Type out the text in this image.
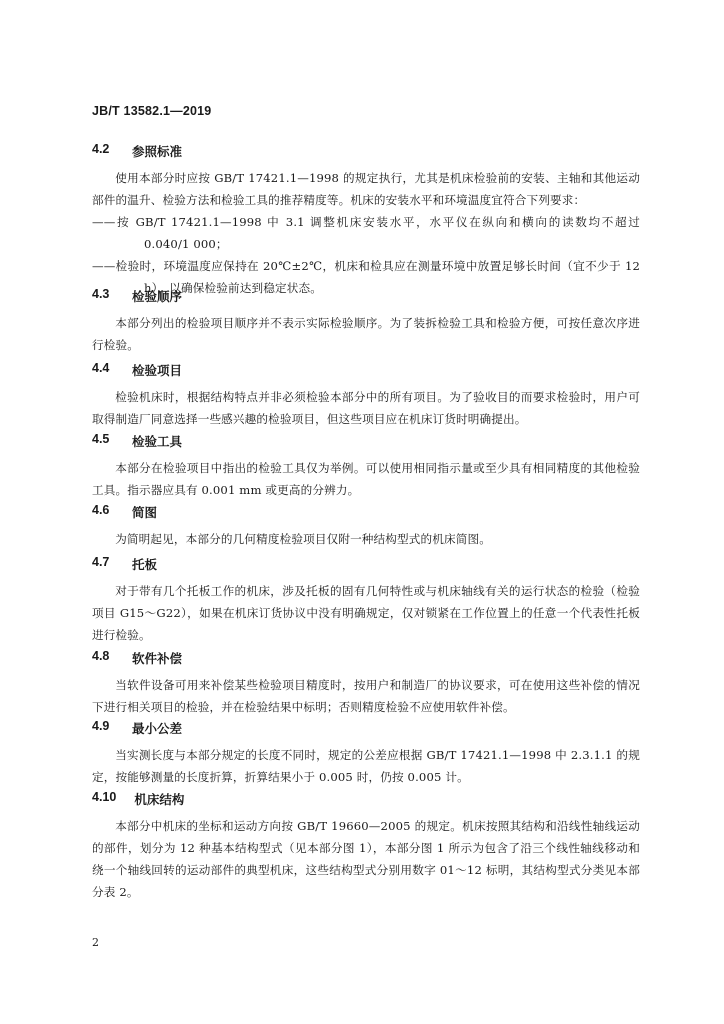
JB/T 13582.1—2019
4.2	参照标准
使用本部分时应按 GB/T 17421.1—1998 的规定执行，尤其是机床检验前的安装、主轴和其他运动部件的温升、检验方法和检验工具的推荐精度等。机床的安装水平和环境温度宜符合下列要求：
——按 GB/T 17421.1—1998 中 3.1 调整机床安装水平，水平仪在纵向和横向的读数均不超过 0.040/1 000；
——检验时，环境温度应保持在 20℃±2℃，机床和检具应在测量环境中放置足够长时间（宜不少于 12 h），以确保检验前达到稳定状态。
4.3	检验顺序
本部分列出的检验项目顺序并不表示实际检验顺序。为了装拆检验工具和检验方便，可按任意次序进行检验。
4.4	检验项目
检验机床时，根据结构特点并非必须检验本部分中的所有项目。为了验收目的而要求检验时，用户可取得制造厂同意选择一些感兴趣的检验项目，但这些项目应在机床订货时明确提出。
4.5	检验工具
本部分在检验项目中指出的检验工具仅为举例。可以使用相同指示量或至少具有相同精度的其他检验工具。指示器应具有 0.001 mm 或更高的分辨力。
4.6	简图
为简明起见，本部分的几何精度检验项目仅附一种结构型式的机床简图。
4.7	托板
对于带有几个托板工作的机床，涉及托板的固有几何特性或与机床轴线有关的运行状态的检验（检验项目 G15～G22），如果在机床订货协议中没有明确规定，仅对锁紧在工作位置上的任意一个代表性托板进行检验。
4.8	软件补偿
当软件设备可用来补偿某些检验项目精度时，按用户和制造厂的协议要求，可在使用这些补偿的情况下进行相关项目的检验，并在检验结果中标明；否则精度检验不应使用软件补偿。
4.9	最小公差
当实测长度与本部分规定的长度不同时，规定的公差应根据 GB/T 17421.1—1998 中 2.3.1.1 的规定，按能够测量的长度折算，折算结果小于 0.005 时，仍按 0.005 计。
4.10 机床结构
本部分中机床的坐标和运动方向按 GB/T 19660—2005 的规定。机床按照其结构和沿线性轴线运动的部件，划分为 12 种基本结构型式（见本部分图 1），本部分图 1 所示为包含了沿三个线性轴线移动和绕一个轴线回转的运动部件的典型机床，这些结构型式分别用数字 01～12 标明，其结构型式分类见本部分表 2。
2
